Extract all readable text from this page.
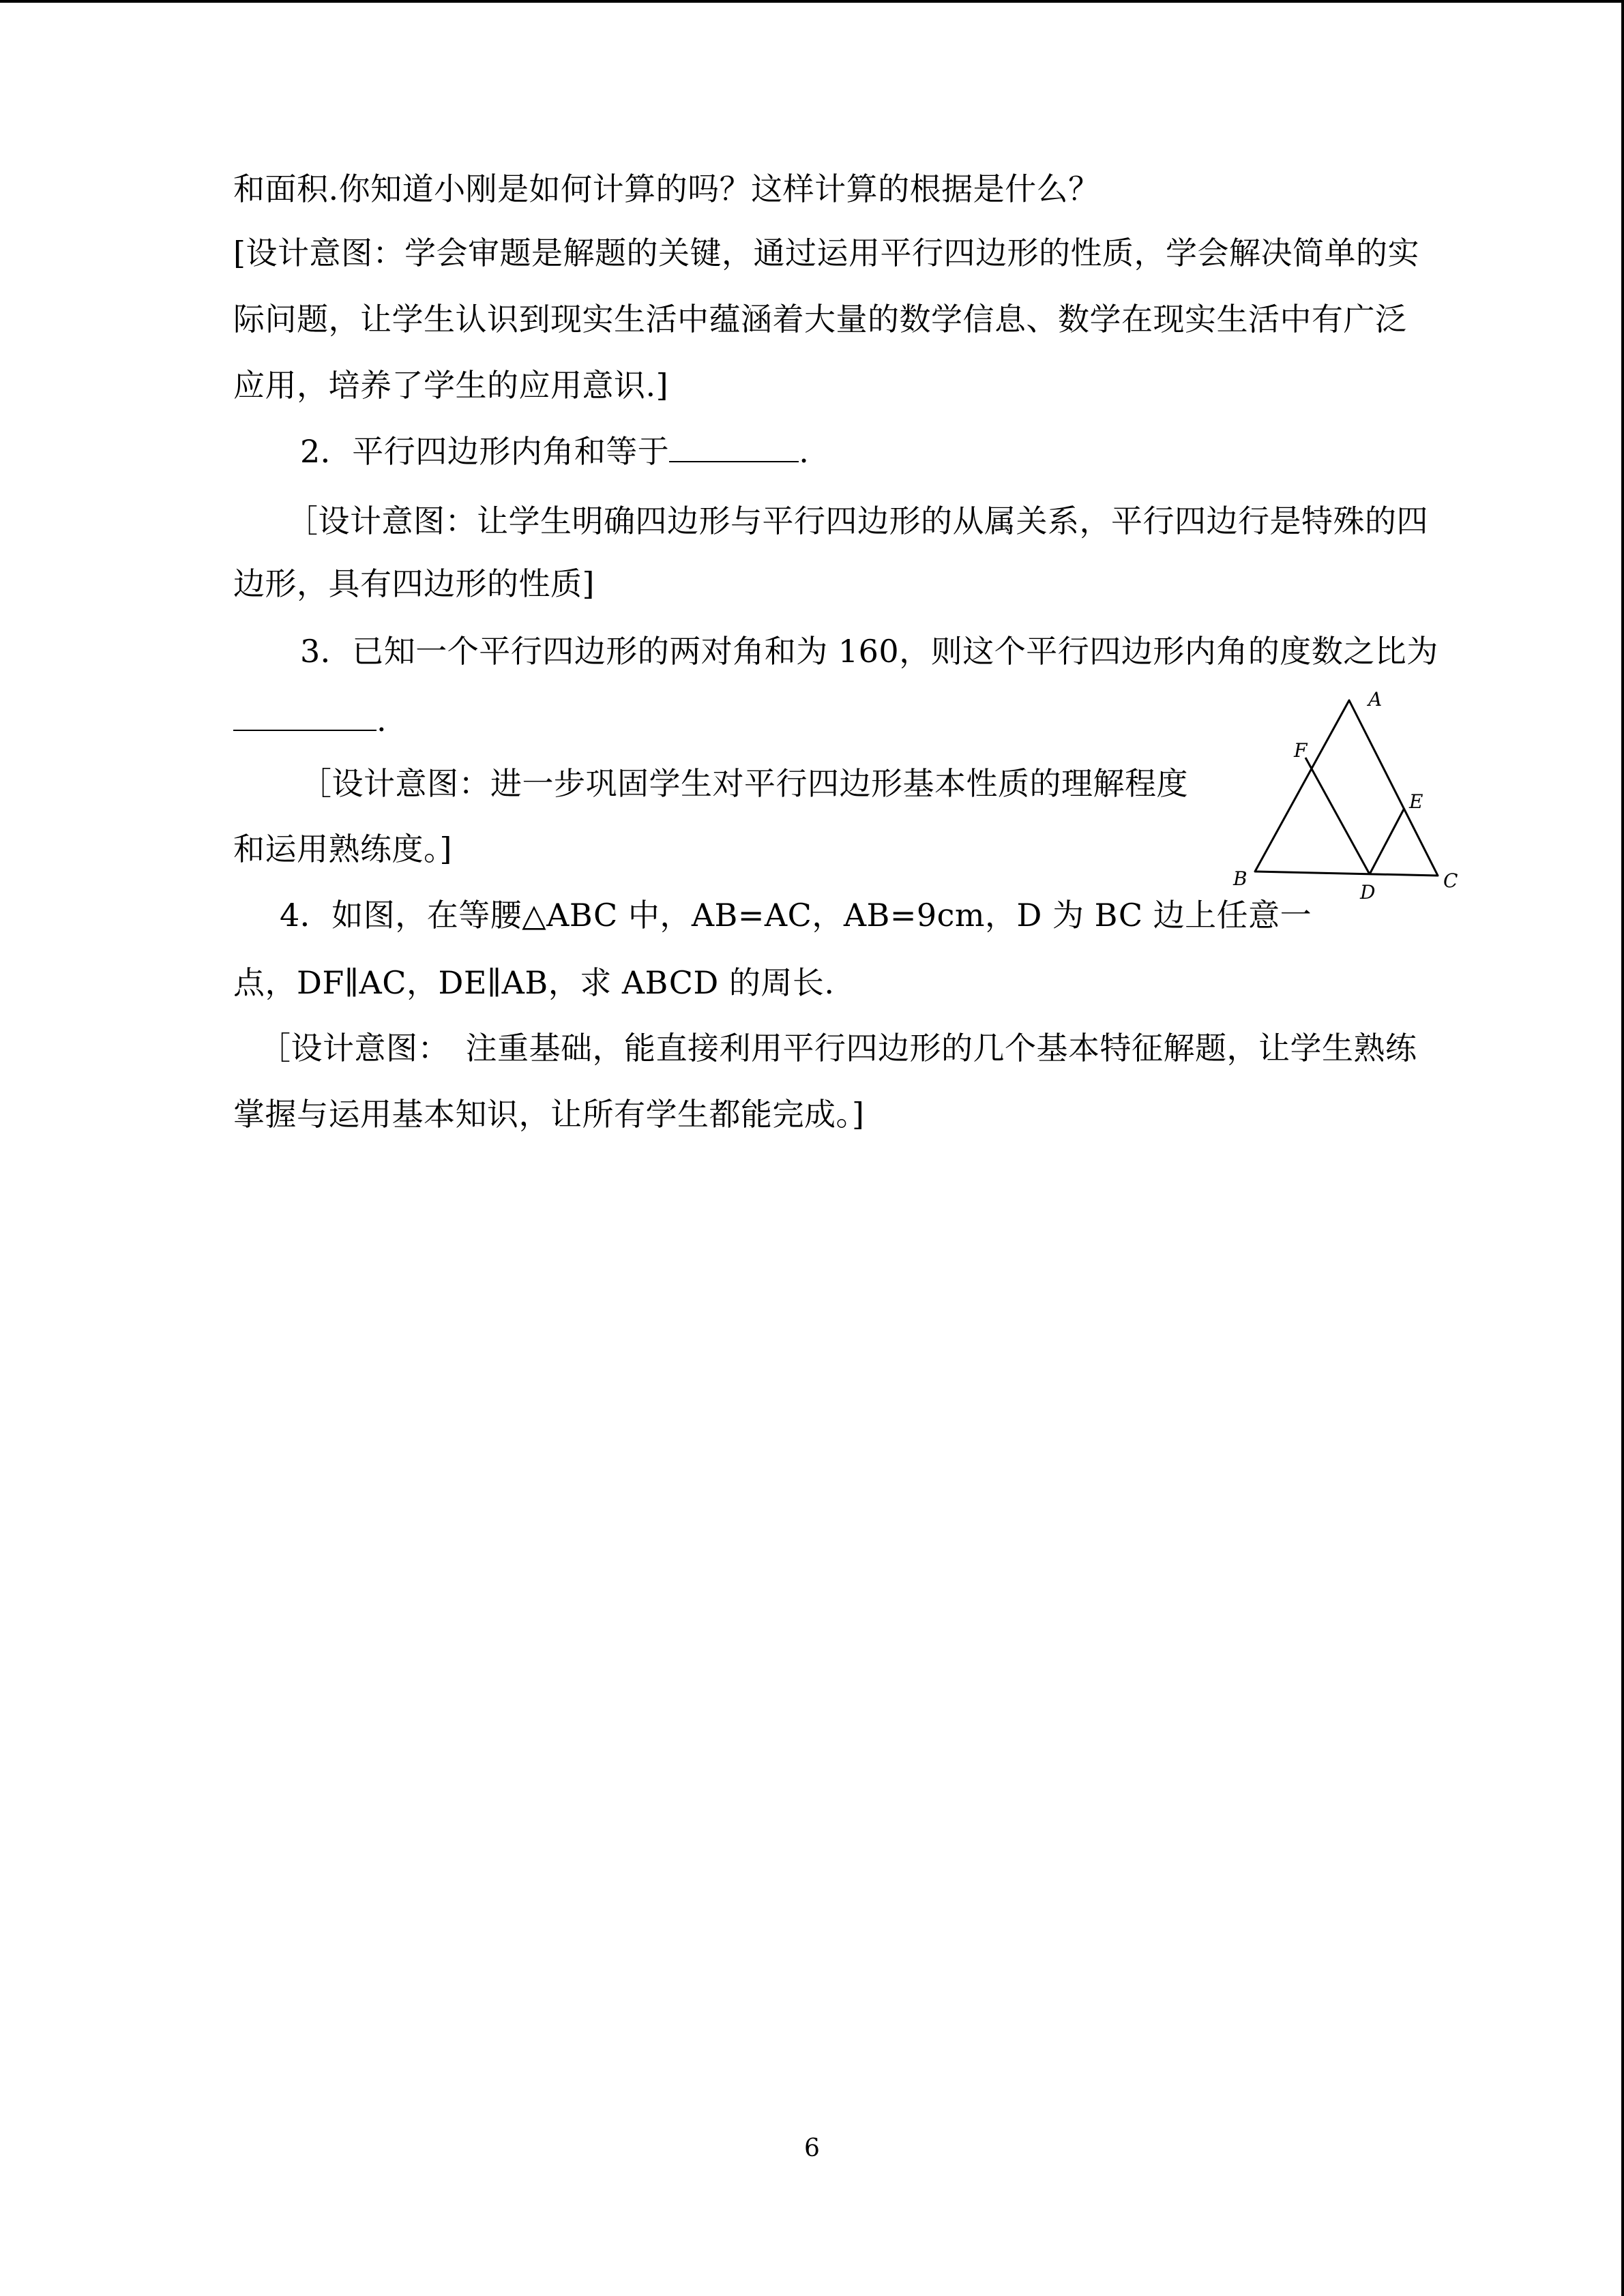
和面积.你知道小刚是如何计算的吗？这样计算的根据是什么？
[设计意图：学会审题是解题的关键，通过运用平行四边形的性质，学会解决简单的实
际问题，让学生认识到现实生活中蕴涵着大量的数学信息、数学在现实生活中有广泛
应用，培养了学生的应用意识.]
2．平行四边形内角和等于	.
［设计意图：让学生明确四边形与平行四边形的从属关系，平行四边行是特殊的四
边形，具有四边形的性质]
3．已知一个平行四边形的两对角和为 160，则这个平行四边形内角的度数之比为
.
［设计意图：进一步巩固学生对平行四边形基本性质的理解程度
和运用熟练度。]
4．如图，在等腰△ABC 中，AB=AC，AB=9cm，D 为 BC 边上任意一
点，DF∥AC，DE∥AB，求 ABCD 的周长.
［设计意图：　注重基础，能直接利用平行四边形的几个基本特征解题，让学生熟练
掌握与运用基本知识，让所有学生都能完成。]
A
B	C
D
E
F
6
